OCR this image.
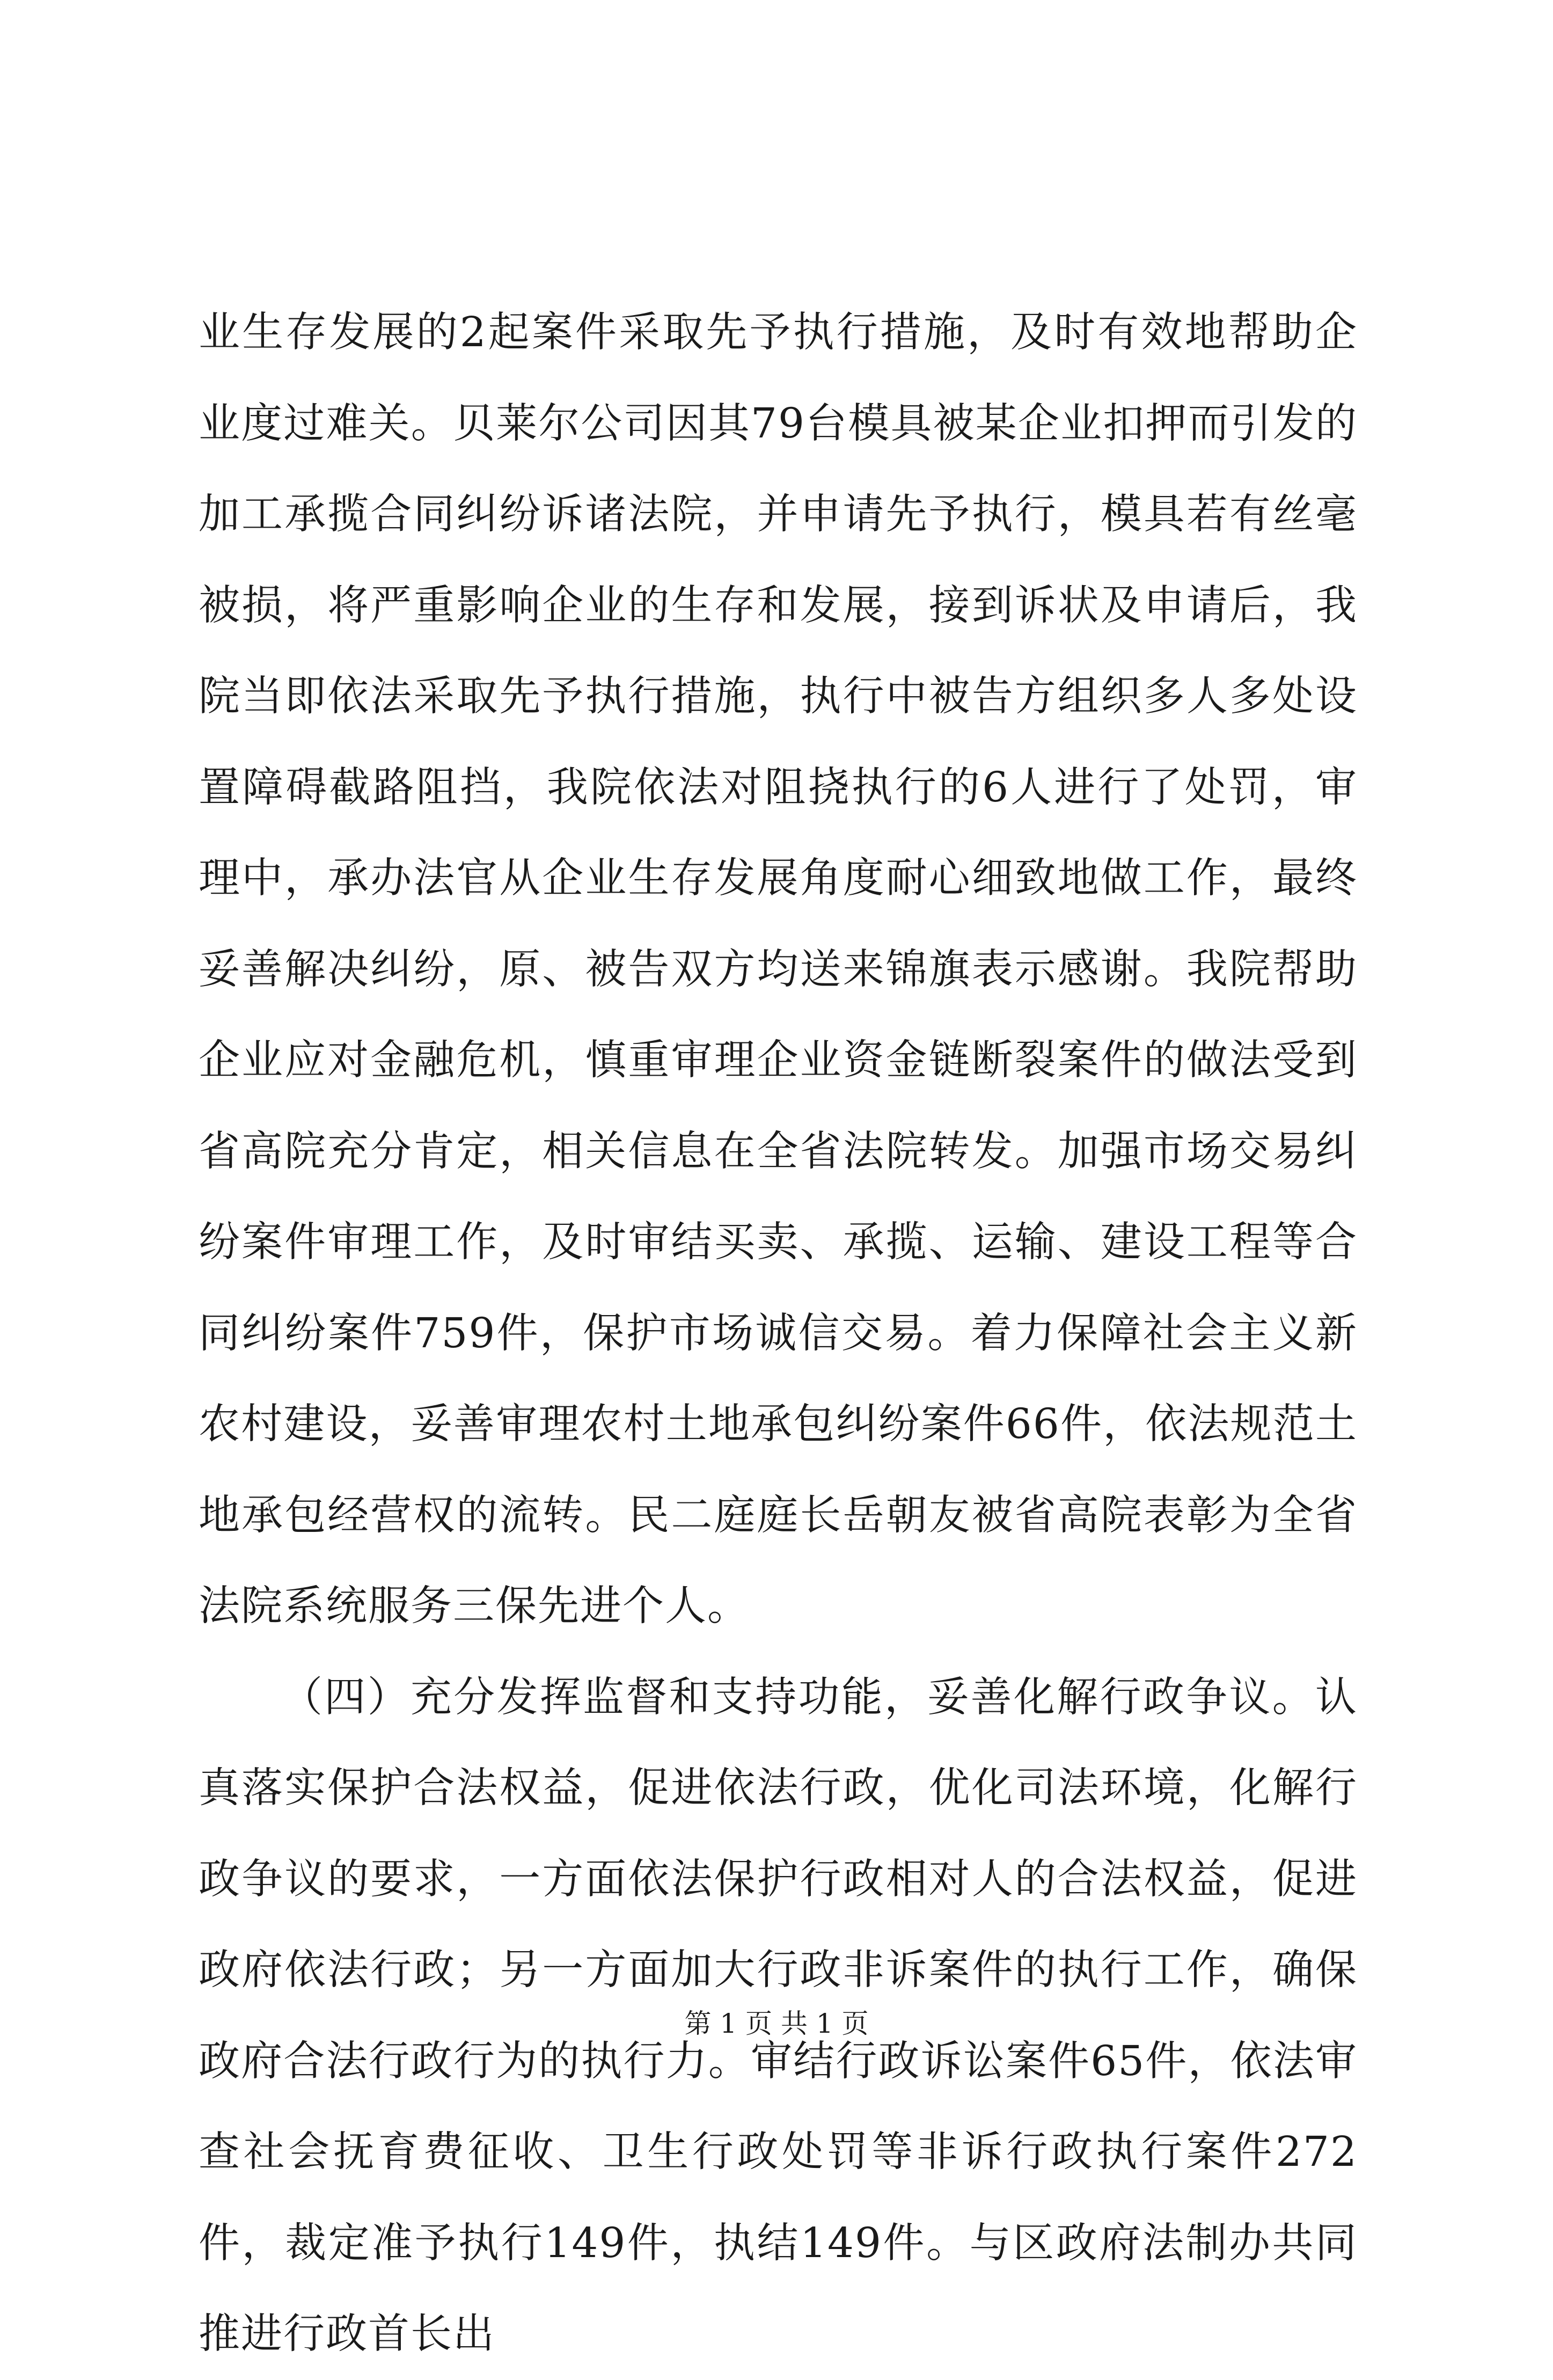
业生存发展的2起案件采取先予执行措施，及时有效地帮助企业度过难关。贝莱尔公司因其79台模具被某企业扣押而引发的加工承揽合同纠纷诉诸法院，并申请先予执行，模具若有丝毫被损，将严重影响企业的生存和发展，接到诉状及申请后，我院当即依法采取先予执行措施，执行中被告方组织多人多处设置障碍截路阻挡，我院依法对阻挠执行的6人进行了处罚，审理中，承办法官从企业生存发展角度耐心细致地做工作，最终妥善解决纠纷，原、被告双方均送来锦旗表示感谢。我院帮助企业应对金融危机，慎重审理企业资金链断裂案件的做法受到省高院充分肯定，相关信息在全省法院转发。加强市场交易纠纷案件审理工作，及时审结买卖、承揽、运输、建设工程等合同纠纷案件759件，保护市场诚信交易。着力保障社会主义新农村建设，妥善审理农村土地承包纠纷案件66件，依法规范土地承包经营权的流转。民二庭庭长岳朝友被省高院表彰为全省法院系统服务三保先进个人。

（四）充分发挥监督和支持功能，妥善化解行政争议。认真落实保护合法权益，促进依法行政，优化司法环境，化解行政争议的要求，一方面依法保护行政相对人的合法权益，促进政府依法行政；另一方面加大行政非诉案件的执行工作，确保政府合法行政行为的执行力。审结行政诉讼案件65件，依法审查社会抚育费征收、卫生行政处罚等非诉行政执行案件272件，裁定准予执行149件，执结149件。与区政府法制办共同推进行政首长出

第 1 页 共 1 页
